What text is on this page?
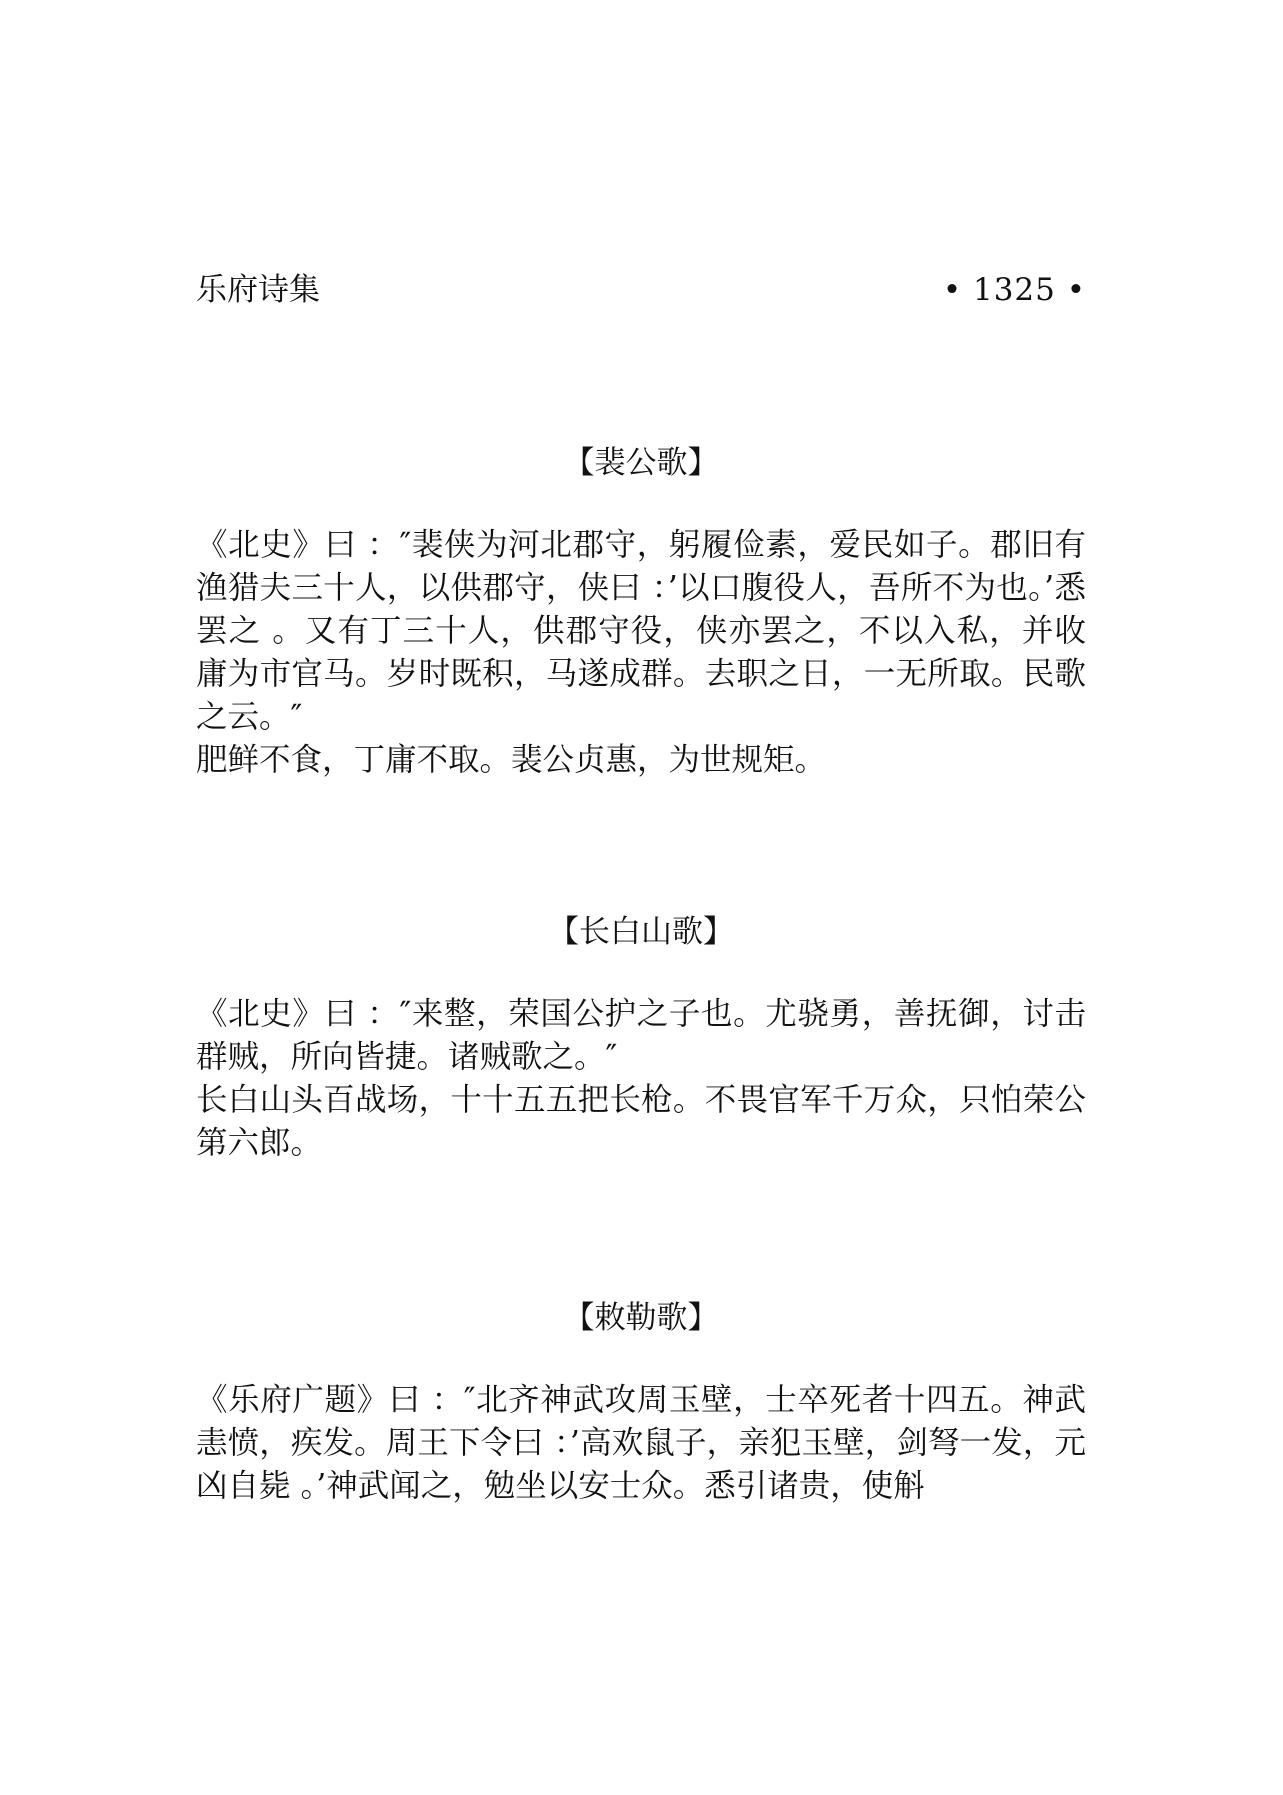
乐府诗集	• 1325 •
【裴公歌】

《北史》曰 ：″裴侠为河北郡守，躬履俭素，爱民如子。郡旧有渔猎夫三十人，以供郡守，侠曰 ：’以口腹役人，吾所不为也。’悉罢之 。又有丁三十人，供郡守役，侠亦罢之，不以入私，并收庸为市官马。岁时既积，马遂成群。去职之日，一无所取。民歌之云。″

肥鲜不食，丁庸不取。裴公贞惠，为世规矩。

【长白山歌】

《北史》曰 ：″来整，荣国公护之子也。尤骁勇，善抚御，讨击群贼，所向皆捷。诸贼歌之。″

长白山头百战场，十十五五把长枪。不畏官军千万众，只怕荣公第六郎。

【敕勒歌】

《乐府广题》曰 ：″北齐神武攻周玉壁，士卒死者十四五。神武恚愤，疾发。周王下令曰 ：’高欢鼠子，亲犯玉壁，剑弩一发，元凶自毙 。’神武闻之，勉坐以安士众。悉引诸贵，使斛
